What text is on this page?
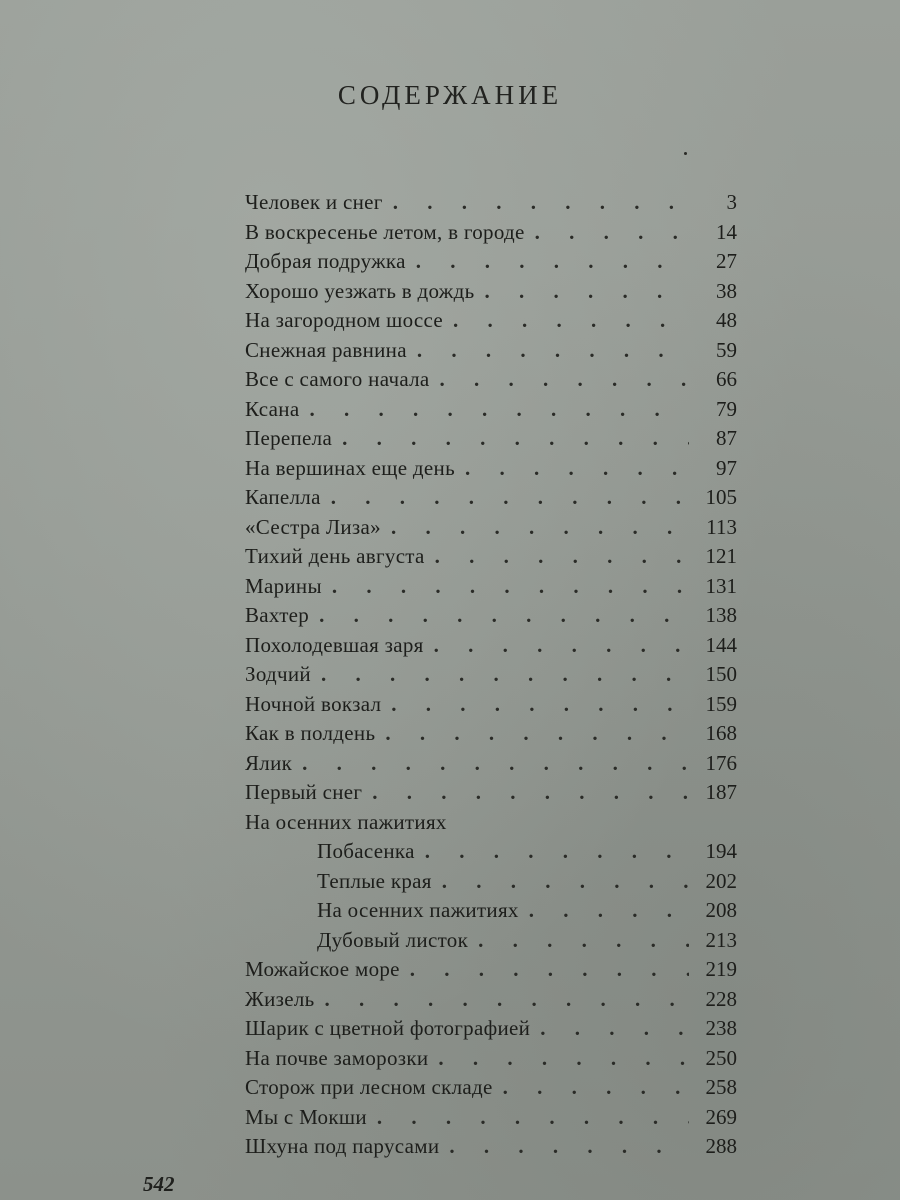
СОДЕРЖАНИЕ
Человек и снег . . .	3
В воскресенье летом, в городе . . .	14
Добрая подружка . . .	27
Хорошо уезжать в дождь . . .	38
На загородном шоссе . . .	48
Снежная равнина . . .	59
Все с самого начала . . .	66
Ксана . . .	79
Перепела . . .	87
На вершинах еще день . . .	97
Капелла . . .	105
«Сестра Лиза» . . .	113
Тихий день августа . . .	121
Марины . . .	131
Вахтер . . .	138
Похолодевшая заря . . .	144
Зодчий . . .	150
Ночной вокзал . . .	159
Как в полдень . . .	168
Ялик . . .	176
Первый снег . . .	187
На осенних пажитиях
Побасенка . . .	194
Теплые края . . .	202
На осенних пажитиях . . .	208
Дубовый листок . . .	213
Можайское море . . .	219
Жизель . . .	228
Шарик с цветной фотографией . . .	238
На почве заморозки . . .	250
Сторож при лесном складе . . .	258
Мы с Мокши . . .	269
Шхуна под парусами . . .	288
542
